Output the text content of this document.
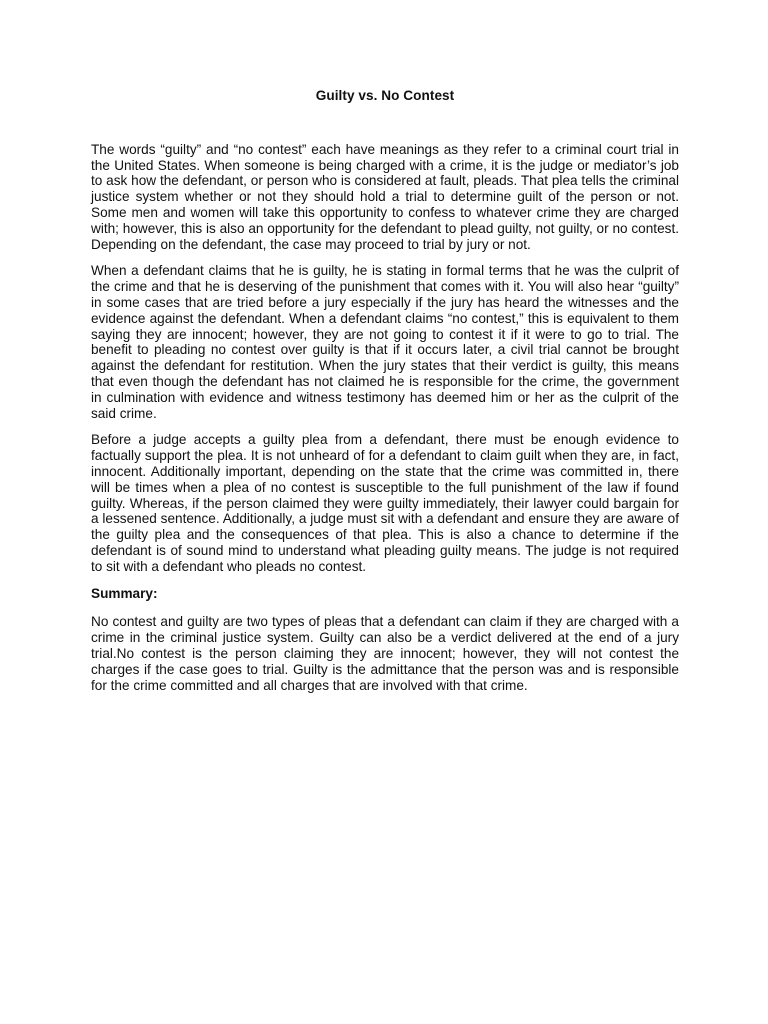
Guilty vs. No Contest

The words “guilty” and “no contest” each have meanings as they refer to a criminal court trial in the United States. When someone is being charged with a crime, it is the judge or mediator’s job to ask how the defendant, or person who is considered at fault, pleads. That plea tells the criminal justice system whether or not they should hold a trial to determine guilt of the person or not. Some men and women will take this opportunity to confess to whatever crime they are charged with; however, this is also an opportunity for the defendant to plead guilty, not guilty, or no contest. Depending on the defendant, the case may proceed to trial by jury or not.

When a defendant claims that he is guilty, he is stating in formal terms that he was the culprit of the crime and that he is deserving of the punishment that comes with it. You will also hear “guilty” in some cases that are tried before a jury especially if the jury has heard the witnesses and the evidence against the defendant. When a defendant claims “no contest,” this is equivalent to them saying they are innocent; however, they are not going to contest it if it were to go to trial. The benefit to pleading no contest over guilty is that if it occurs later, a civil trial cannot be brought against the defendant for restitution. When the jury states that their verdict is guilty, this means that even though the defendant has not claimed he is responsible for the crime, the government in culmination with evidence and witness testimony has deemed him or her as the culprit of the said crime.

Before a judge accepts a guilty plea from a defendant, there must be enough evidence to factually support the plea. It is not unheard of for a defendant to claim guilt when they are, in fact, innocent. Additionally important, depending on the state that the crime was committed in, there will be times when a plea of no contest is susceptible to the full punishment of the law if found guilty. Whereas, if the person claimed they were guilty immediately, their lawyer could bargain for a lessened sentence. Additionally, a judge must sit with a defendant and ensure they are aware of the guilty plea and the consequences of that plea. This is also a chance to determine if the defendant is of sound mind to understand what pleading guilty means. The judge is not required to sit with a defendant who pleads no contest.

Summary:

No contest and guilty are two types of pleas that a defendant can claim if they are charged with a crime in the criminal justice system. Guilty can also be a verdict delivered at the end of a jury trial.No contest is the person claiming they are innocent; however, they will not contest the charges if the case goes to trial. Guilty is the admittance that the person was and is responsible for the crime committed and all charges that are involved with that crime.
